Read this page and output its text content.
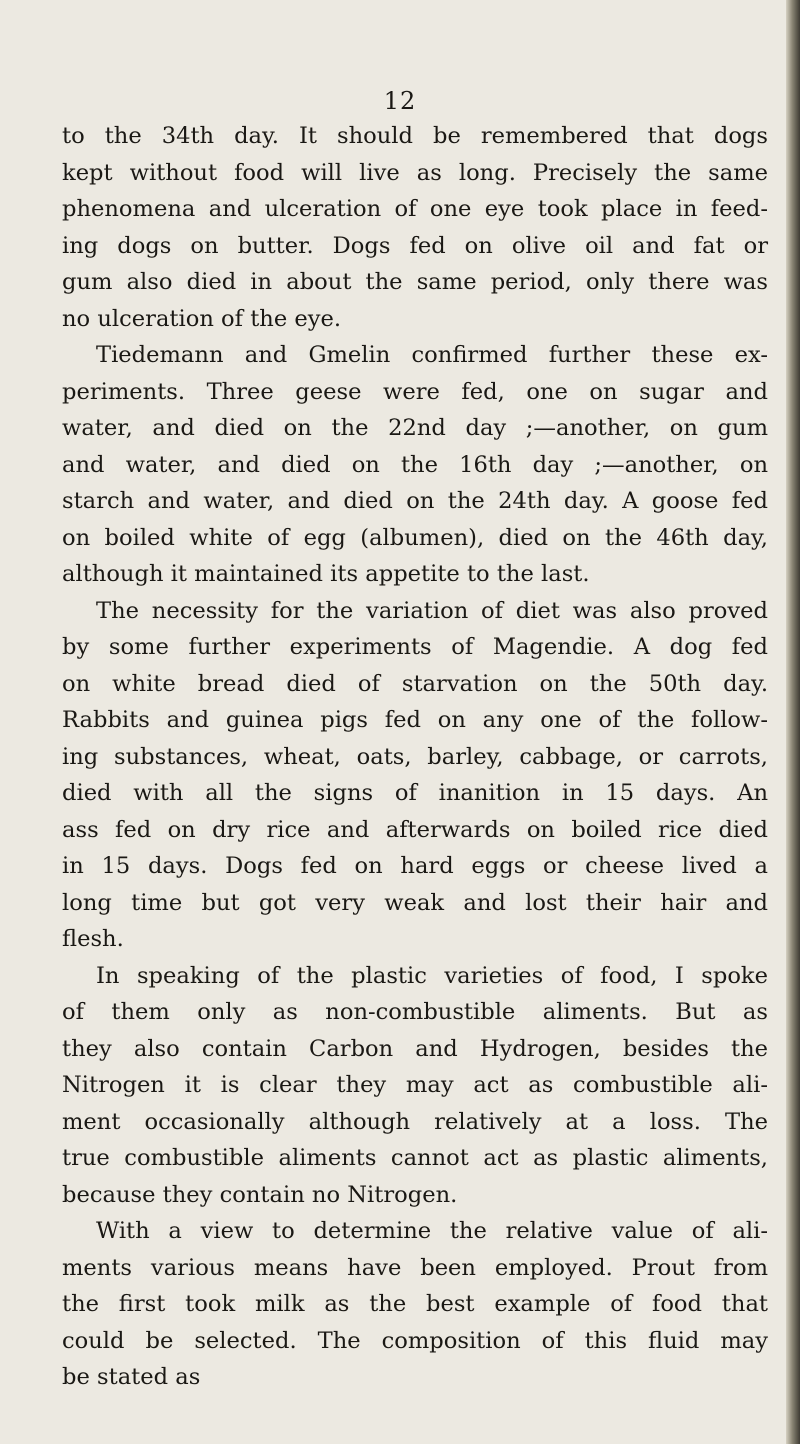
12
to the 34th day. It should be remembered that dogs
kept without food will live as long. Precisely the same
phenomena and ulceration of one eye took place in feed-
ing dogs on butter. Dogs fed on olive oil and fat or
gum also died in about the same period, only there was
no ulceration of the eye.
Tiedemann and Gmelin confirmed further these ex-
periments. Three geese were fed, one on sugar and
water, and died on the 22nd day ;—another, on gum
and water, and died on the 16th day ;—another, on
starch and water, and died on the 24th day. A goose fed
on boiled white of egg (albumen), died on the 46th day,
although it maintained its appetite to the last.
The necessity for the variation of diet was also proved
by some further experiments of Magendie. A dog fed
on white bread died of starvation on the 50th day.
Rabbits and guinea pigs fed on any one of the follow-
ing substances, wheat, oats, barley, cabbage, or carrots,
died with all the signs of inanition in 15 days. An
ass fed on dry rice and afterwards on boiled rice died
in 15 days. Dogs fed on hard eggs or cheese lived a
long time but got very weak and lost their hair and
flesh.
In speaking of the plastic varieties of food, I spoke
of them only as non-combustible aliments. But as
they also contain Carbon and Hydrogen, besides the
Nitrogen it is clear they may act as combustible ali-
ment occasionally although relatively at a loss. The
true combustible aliments cannot act as plastic aliments,
because they contain no Nitrogen.
With a view to determine the relative value of ali-
ments various means have been employed. Prout from
the first took milk as the best example of food that
could be selected. The composition of this fluid may
be stated as
